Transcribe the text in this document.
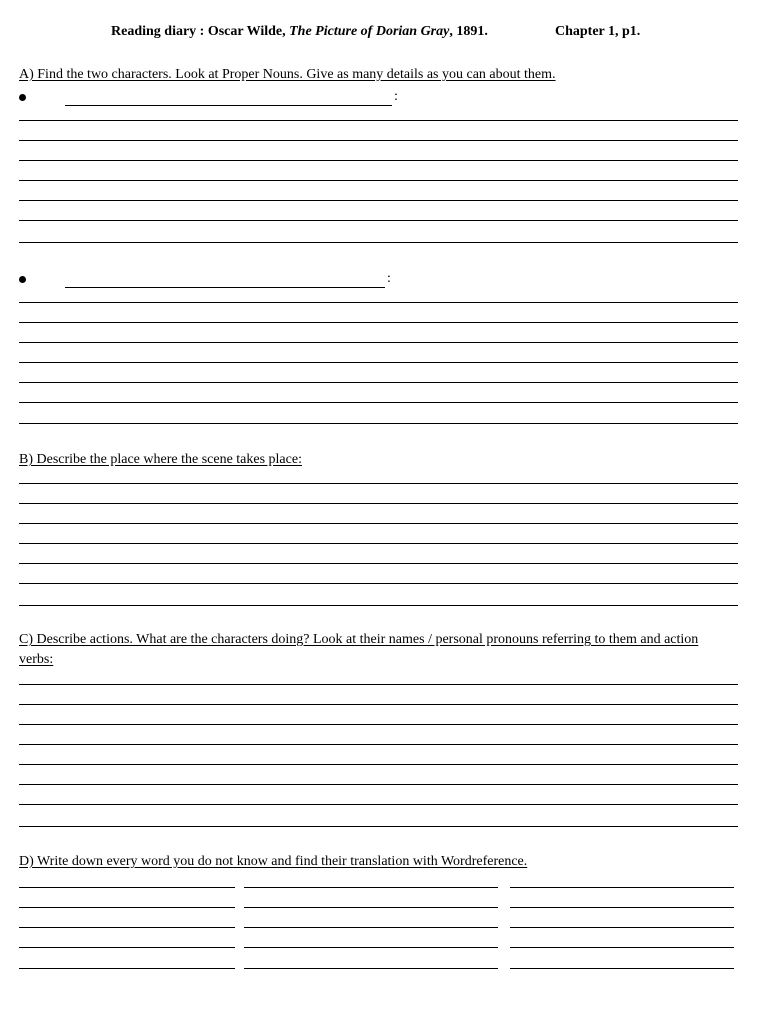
Reading diary : Oscar Wilde, The Picture of Dorian Gray, 1891.	Chapter 1, p1.
A) Find the two characters. Look at Proper Nouns. Give as many details as you can about them.
:
:
B) Describe the place where the scene takes place:
C) Describe actions. What are the characters doing? Look at their names / personal pronouns referring to them and action verbs:
D) Write down every word you do not know and find their translation with Wordreference.
